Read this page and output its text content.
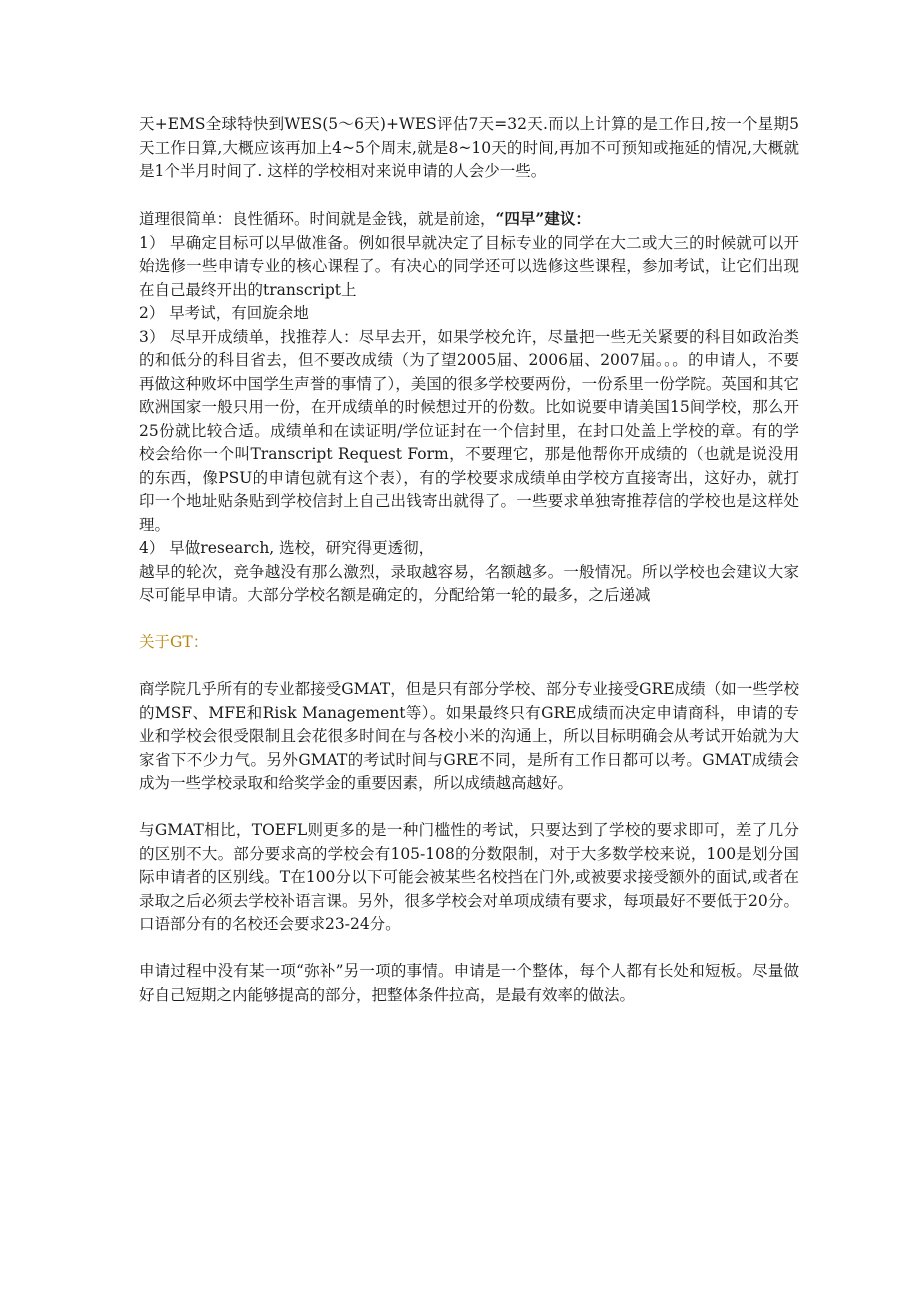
天+EMS全球特快到WES(5～6天)+WES评估7天=32天.而以上计算的是工作日,按一个星期5天工作日算,大概应该再加上4~5个周末,就是8~10天的时间,再加不可预知或拖延的情况,大概就是1个半月时间了. 这样的学校相对来说申请的人会少一些。

道理很简单：良性循环。时间就是金钱，就是前途，“四早”建议：

1） 早确定目标可以早做准备。例如很早就决定了目标专业的同学在大二或大三的时候就可以开始选修一些申请专业的核心课程了。有决心的同学还可以选修这些课程，参加考试，让它们出现在自己最终开出的transcript上

2） 早考试，有回旋余地

3） 尽早开成绩单，找推荐人：尽早去开，如果学校允许，尽量把一些无关紧要的科目如政治类的和低分的科目省去，但不要改成绩（为了望2005届、2006届、2007届。。。的申请人，不要再做这种败坏中国学生声誉的事情了），美国的很多学校要两份，一份系里一份学院。英国和其它欧洲国家一般只用一份，在开成绩单的时候想过开的份数。比如说要申请美国15间学校，那么开25份就比较合适。成绩单和在读证明/学位证封在一个信封里，在封口处盖上学校的章。有的学校会给你一个叫Transcript Request Form，不要理它，那是他帮你开成绩的（也就是说没用的东西，像PSU的申请包就有这个表），有的学校要求成绩单由学校方直接寄出，这好办，就打印一个地址贴条贴到学校信封上自己出钱寄出就得了。一些要求单独寄推荐信的学校也是这样处理。

4） 早做research, 选校，研究得更透彻，

越早的轮次，竞争越没有那么激烈，录取越容易，名额越多。一般情况。所以学校也会建议大家尽可能早申请。大部分学校名额是确定的，分配给第一轮的最多，之后递减

关于GT：

商学院几乎所有的专业都接受GMAT，但是只有部分学校、部分专业接受GRE成绩（如一些学校的MSF、MFE和Risk Management等）。如果最终只有GRE成绩而决定申请商科，申请的专业和学校会很受限制且会花很多时间在与各校小米的沟通上，所以目标明确会从考试开始就为大家省下不少力气。另外GMAT的考试时间与GRE不同，是所有工作日都可以考。GMAT成绩会成为一些学校录取和给奖学金的重要因素，所以成绩越高越好。

与GMAT相比，TOEFL则更多的是一种门槛性的考试，只要达到了学校的要求即可，差了几分的区别不大。部分要求高的学校会有105-108的分数限制，对于大多数学校来说，100是划分国际申请者的区别线。T在100分以下可能会被某些名校挡在门外,或被要求接受额外的面试,或者在录取之后必须去学校补语言课。另外，很多学校会对单项成绩有要求，每项最好不要低于20分。口语部分有的名校还会要求23-24分。

申请过程中没有某一项“弥补”另一项的事情。申请是一个整体，每个人都有长处和短板。尽量做好自己短期之内能够提高的部分，把整体条件拉高，是最有效率的做法。
